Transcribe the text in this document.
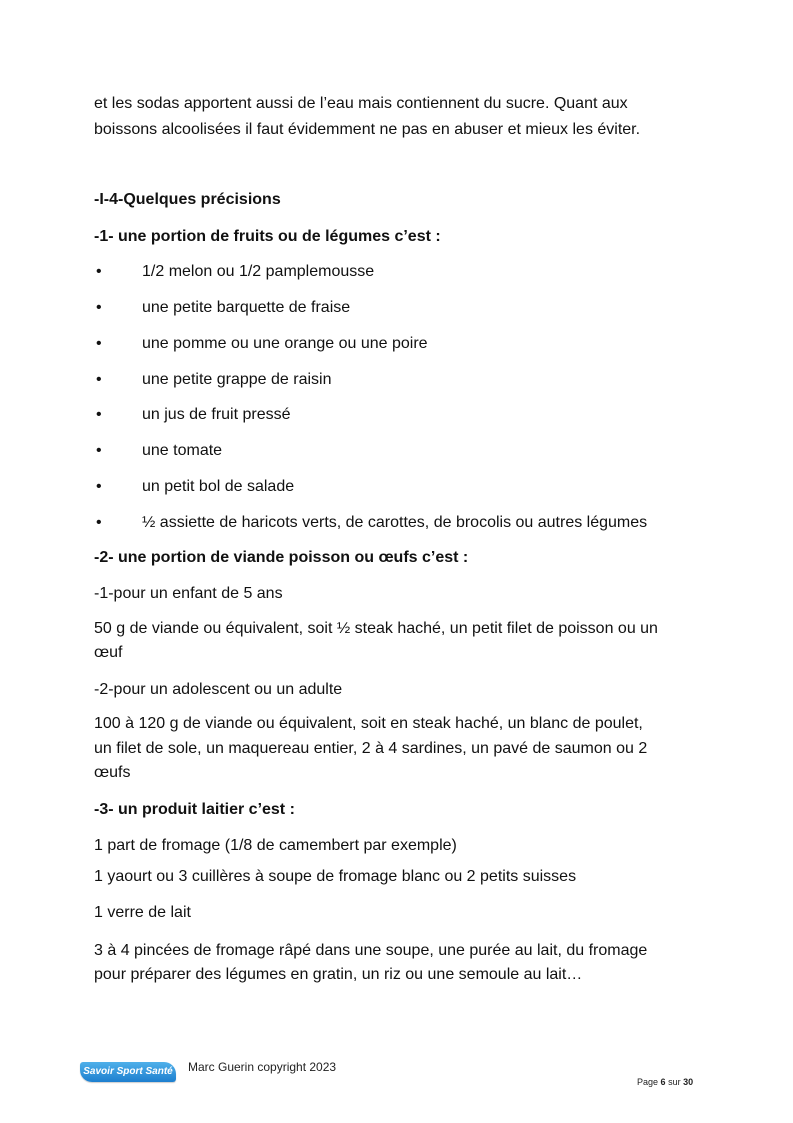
et les sodas apportent aussi de l’eau mais contiennent du sucre. Quant aux
boissons alcoolisées il faut évidemment ne pas en abuser et mieux les éviter.
-I-4-Quelques précisions
-1- une portion de fruits ou de légumes c’est :
•	1/2 melon ou 1/2 pamplemousse
•	une petite barquette de fraise
•	une pomme ou une orange ou une poire
•	une petite grappe de raisin
•	un jus de fruit pressé
•	une tomate
•	un petit bol de salade
•	½ assiette de haricots verts, de carottes, de brocolis ou autres légumes
-2- une portion de viande poisson ou œufs c’est :
-1-pour un enfant de 5 ans
50 g de viande ou équivalent, soit ½ steak haché, un petit filet de poisson ou un
œuf
-2-pour un adolescent ou un adulte
100 à 120 g de viande ou équivalent, soit en steak haché, un blanc de poulet,
un filet de sole, un maquereau entier, 2 à 4 sardines, un pavé de saumon ou 2
œufs
-3- un produit laitier c’est :
1 part de fromage (1/8 de camembert par exemple)
1 yaourt ou 3 cuillères à soupe de fromage blanc ou 2 petits suisses
1 verre de lait
3 à 4 pincées de fromage râpé dans une soupe, une purée au lait, du fromage
pour préparer des légumes en gratin, un riz ou une semoule au lait…
Savoir Sport Santé Marc Guerin copyright 2023
Page 6 sur 30
